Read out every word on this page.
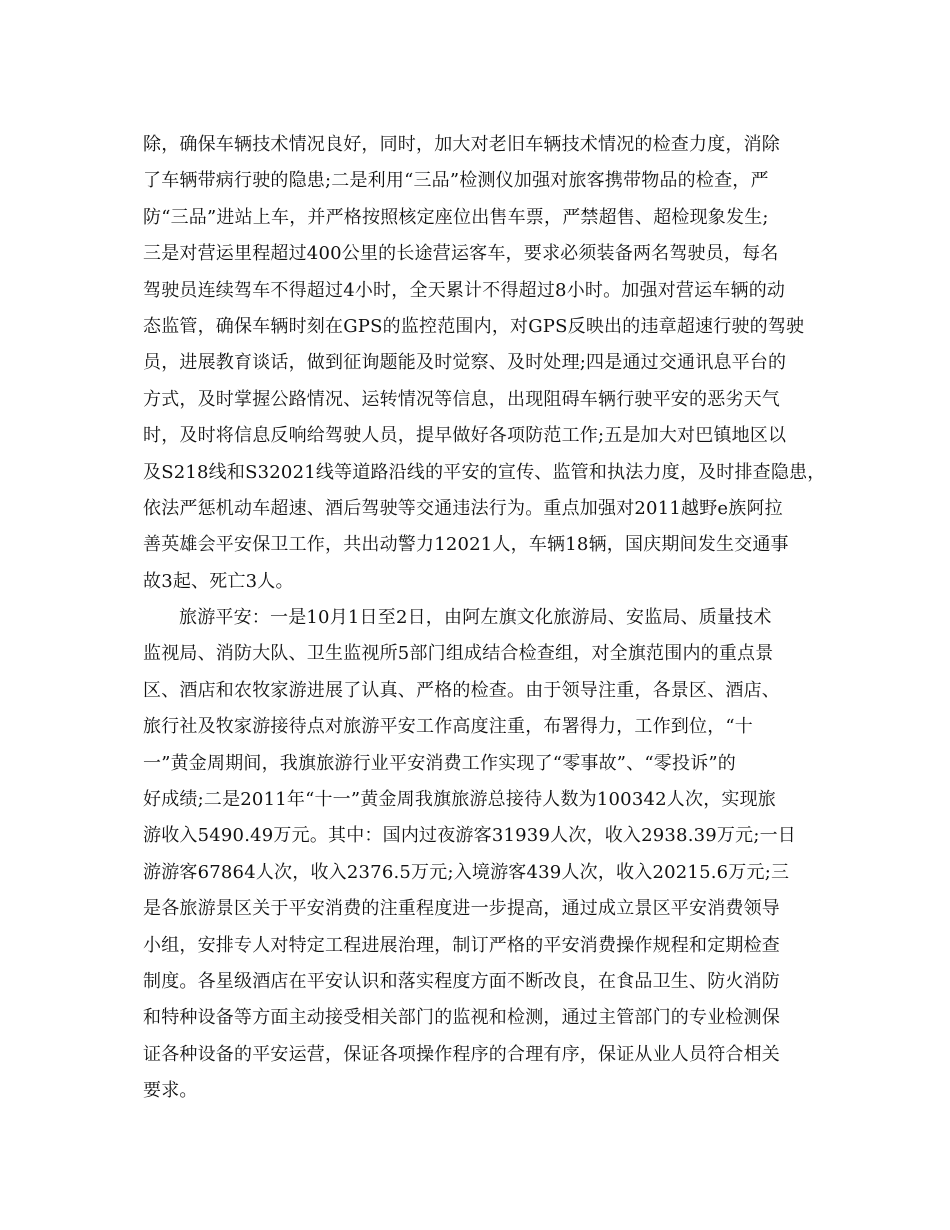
除，确保车辆技术情况良好，同时，加大对老旧车辆技术情况的检查力度，消除
了车辆带病行驶的隐患;二是利用“三品”检测仪加强对旅客携带物品的检查，严
防“三品”进站上车，并严格按照核定座位出售车票，严禁超售、超检现象发生;
三是对营运里程超过400公里的长途营运客车，要求必须装备两名驾驶员，每名
驾驶员连续驾车不得超过4小时，全天累计不得超过8小时。加强对营运车辆的动
态监管，确保车辆时刻在GPS的监控范围内，对GPS反映出的违章超速行驶的驾驶
员，进展教育谈话，做到征询题能及时觉察、及时处理;四是通过交通讯息平台的
方式，及时掌握公路情况、运转情况等信息，出现阻碍车辆行驶平安的恶劣天气
时，及时将信息反响给驾驶人员，提早做好各项防范工作;五是加大对巴镇地区以
及S218线和S32021线等道路沿线的平安的宣传、监管和执法力度，及时排查隐患，
依法严惩机动车超速、酒后驾驶等交通违法行为。重点加强对2011越野e族阿拉
善英雄会平安保卫工作，共出动警力12021人，车辆18辆，国庆期间发生交通事
故3起、死亡3人。
旅游平安：一是10月1日至2日，由阿左旗文化旅游局、安监局、质量技术
监视局、消防大队、卫生监视所5部门组成结合检查组，对全旗范围内的重点景
区、酒店和农牧家游进展了认真、严格的检查。由于领导注重，各景区、酒店、
旅行社及牧家游接待点对旅游平安工作高度注重，布署得力，工作到位，“十
一”黄金周期间，我旗旅游行业平安消费工作实现了“零事故”、“零投诉”的
好成绩;二是2011年“十一”黄金周我旗旅游总接待人数为100342人次，实现旅
游收入5490.49万元。其中：国内过夜游客31939人次，收入2938.39万元;一日
游游客67864人次，收入2376.5万元;入境游客439人次，收入20215.6万元;三
是各旅游景区关于平安消费的注重程度进一步提高，通过成立景区平安消费领导
小组，安排专人对特定工程进展治理，制订严格的平安消费操作规程和定期检查
制度。各星级酒店在平安认识和落实程度方面不断改良，在食品卫生、防火消防
和特种设备等方面主动接受相关部门的监视和检测，通过主管部门的专业检测保
证各种设备的平安运营，保证各项操作程序的合理有序，保证从业人员符合相关
要求。
